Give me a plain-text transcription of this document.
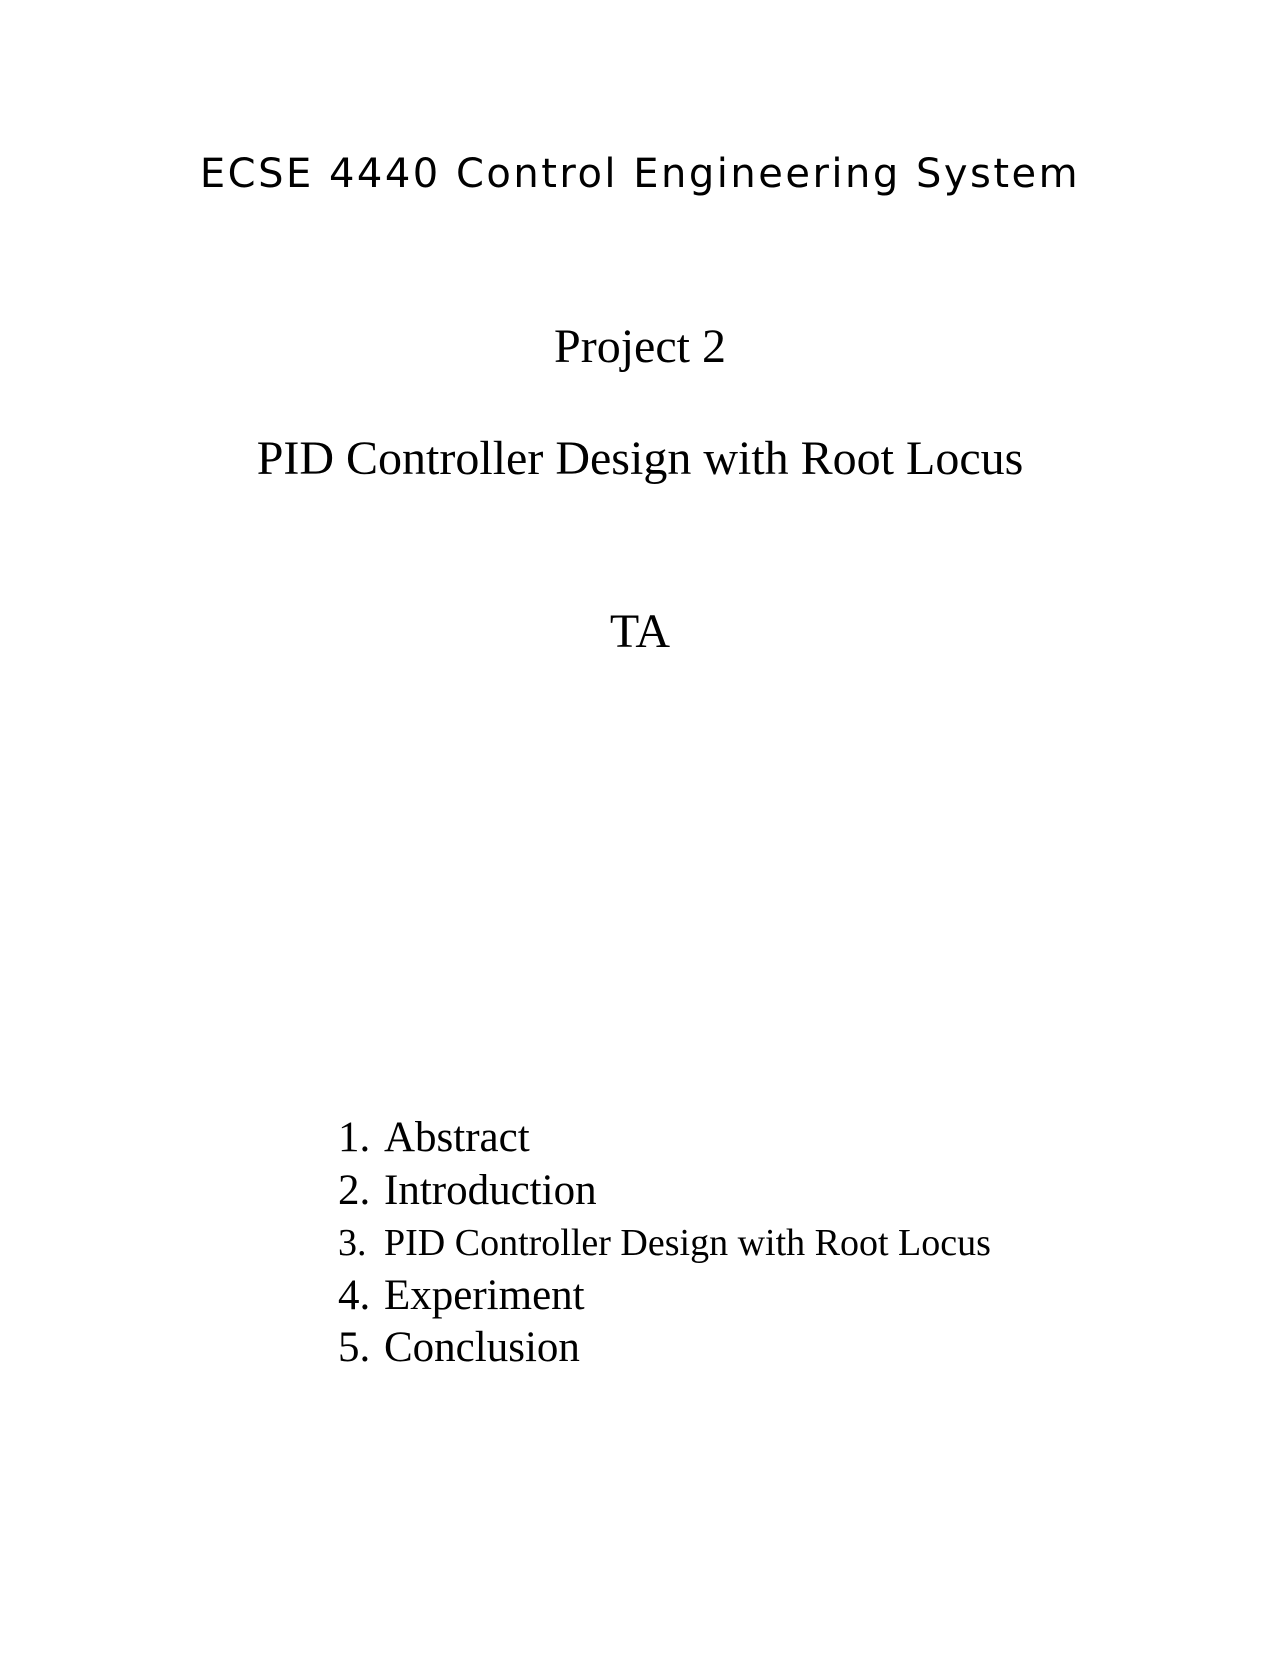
ECSE 4440 Control Engineering System
Project 2
PID Controller Design with Root Locus
TA
1. Abstract
2. Introduction
3. PID Controller Design with Root Locus
4. Experiment
5. Conclusion
